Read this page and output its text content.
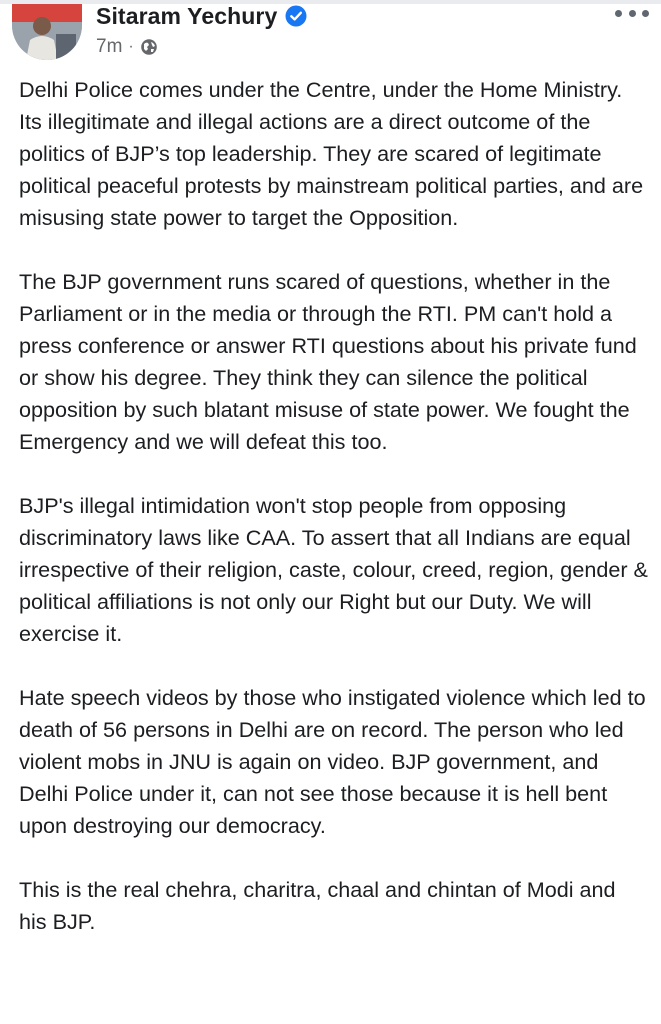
Sitaram Yechury
7m ·

Delhi Police comes under the Centre, under the Home Ministry. Its illegitimate and illegal actions are a direct outcome of the politics of BJP’s top leadership. They are scared of legitimate political peaceful protests by mainstream political parties, and are misusing state power to target the Opposition.

The BJP government runs scared of questions, whether in the Parliament or in the media or through the RTI. PM can't hold a press conference or answer RTI questions about his private fund or show his degree. They think they can silence the political opposition by such blatant misuse of state power. We fought the Emergency and we will defeat this too.

BJP's illegal intimidation won't stop people from opposing discriminatory laws like CAA. To assert that all Indians are equal irrespective of their religion, caste, colour, creed, region, gender & political affiliations is not only our Right but our Duty. We will exercise it.

Hate speech videos by those who instigated violence which led to death of 56 persons in Delhi are on record. The person who led violent mobs in JNU is again on video. BJP government, and Delhi Police under it, can not see those because it is hell bent upon destroying our democracy.

This is the real chehra, charitra, chaal and chintan of Modi and his BJP.
